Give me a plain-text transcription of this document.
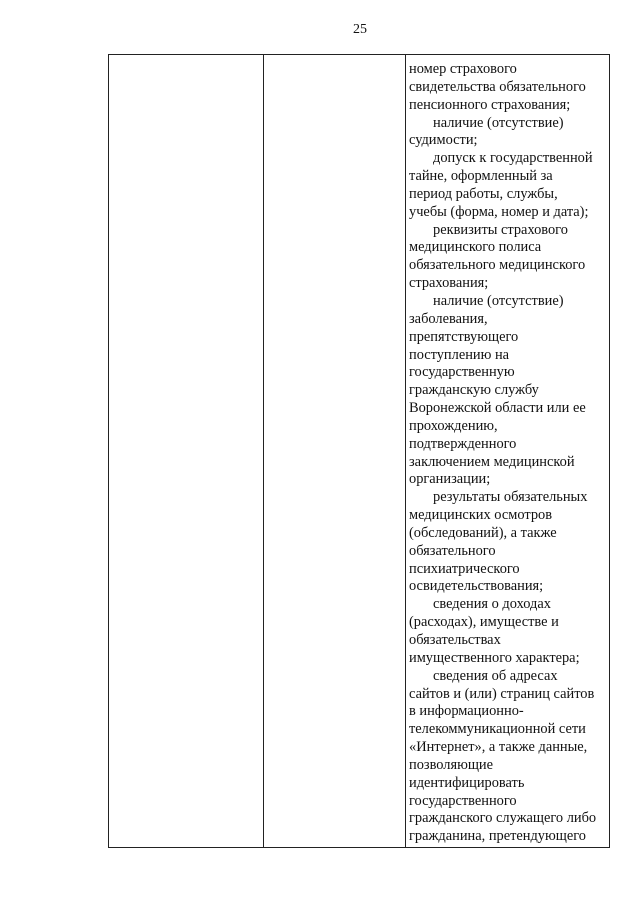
25
номер страхового
свидетельства обязательного
пенсионного страхования;
наличие (отсутствие)
судимости;
допуск к государственной
тайне, оформленный за
период работы, службы,
учебы (форма, номер и дата);
реквизиты страхового
медицинского полиса
обязательного медицинского
страхования;
наличие (отсутствие)
заболевания,
препятствующего
поступлению на
государственную
гражданскую службу
Воронежской области или ее
прохождению,
подтвержденного
заключением медицинской
организации;
результаты обязательных
медицинских осмотров
(обследований), а также
обязательного
психиатрического
освидетельствования;
сведения о доходах
(расходах), имуществе и
обязательствах
имущественного характера;
сведения об адресах
сайтов и (или) страниц сайтов
в информационно-
телекоммуникационной сети
«Интернет», а также данные,
позволяющие
идентифицировать
государственного
гражданского служащего либо
гражданина, претендующего
